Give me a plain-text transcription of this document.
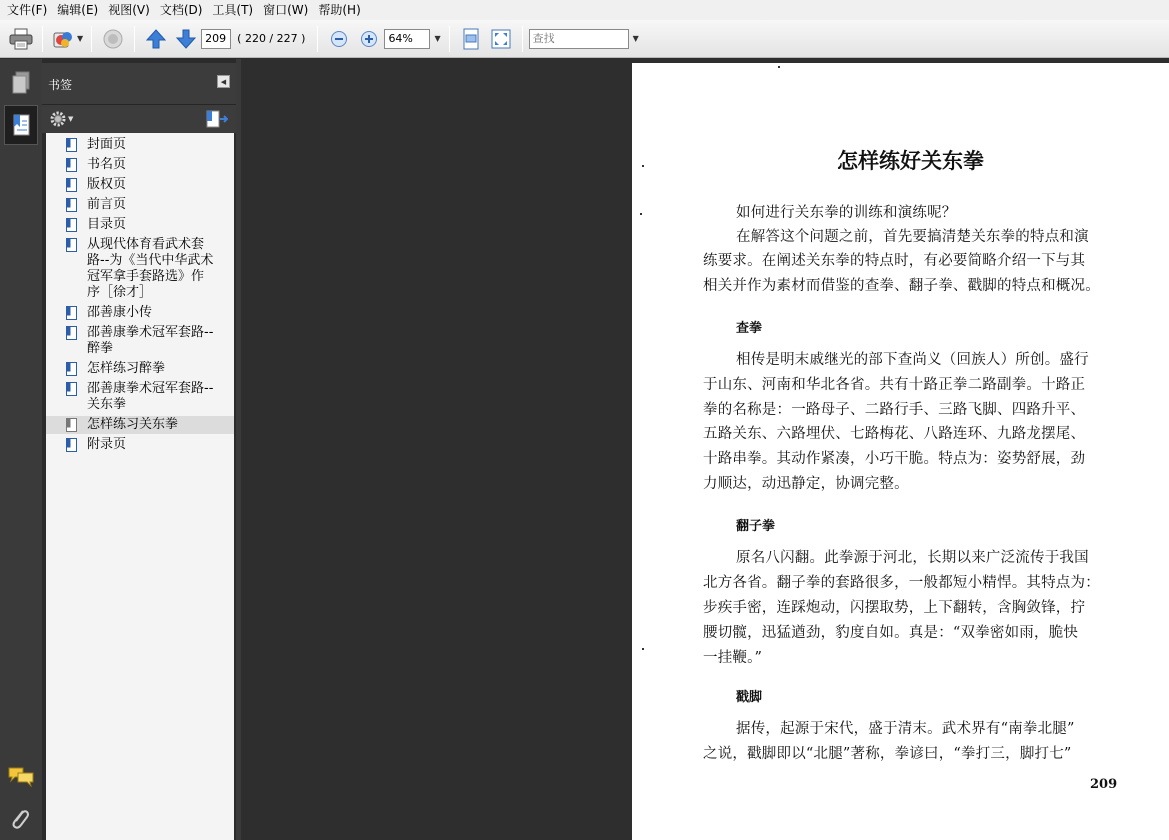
文件(F) 编辑(E) 视图(V) 文档(D) 工具(T) 窗口(W) 帮助(H)
▼
209	( 220 / 227 )
64%	▼
查找	▼
书签	◀
▼
封面页
书名页
版权页
前言页
目录页
从现代体育看武术套
路--为《当代中华武术
冠军拿手套路选》作
序［徐才］
邵善康小传
邵善康拳术冠军套路--
醉拳
怎样练习醉拳
邵善康拳术冠军套路--
关东拳
怎样练习关东拳
附录页
怎样练好关东拳
如何进行关东拳的训练和演练呢？
在解答这个问题之前，首先要搞清楚关东拳的特点和演
练要求。在阐述关东拳的特点时，有必要简略介绍一下与其
相关并作为素材而借鉴的查拳、翻子拳、戳脚的特点和概况。
查拳
相传是明末戚继光的部下查尚义（回族人）所创。盛行
于山东、河南和华北各省。共有十路正拳二路副拳。十路正
拳的名称是：一路母子、二路行手、三路飞脚、四路升平、
五路关东、六路埋伏、七路梅花、八路连环、九路龙摆尾、
十路串拳。其动作紧凑，小巧干脆。特点为：姿势舒展，劲
力顺达，动迅静定，协调完整。
翻子拳
原名八闪翻。此拳源于河北，长期以来广泛流传于我国
北方各省。翻子拳的套路很多，一般都短小精悍。其特点为：
步疾手密，连踩炮动，闪摆取势，上下翻转，含胸敛锋，拧
腰切髋，迅猛遒劲，豹度自如。真是：“双拳密如雨，脆快
一挂鞭。”
戳脚
据传，起源于宋代，盛于清末。武术界有“南拳北腿”
之说，戳脚即以“北腿”著称，拳谚曰，“拳打三，脚打七”
209
